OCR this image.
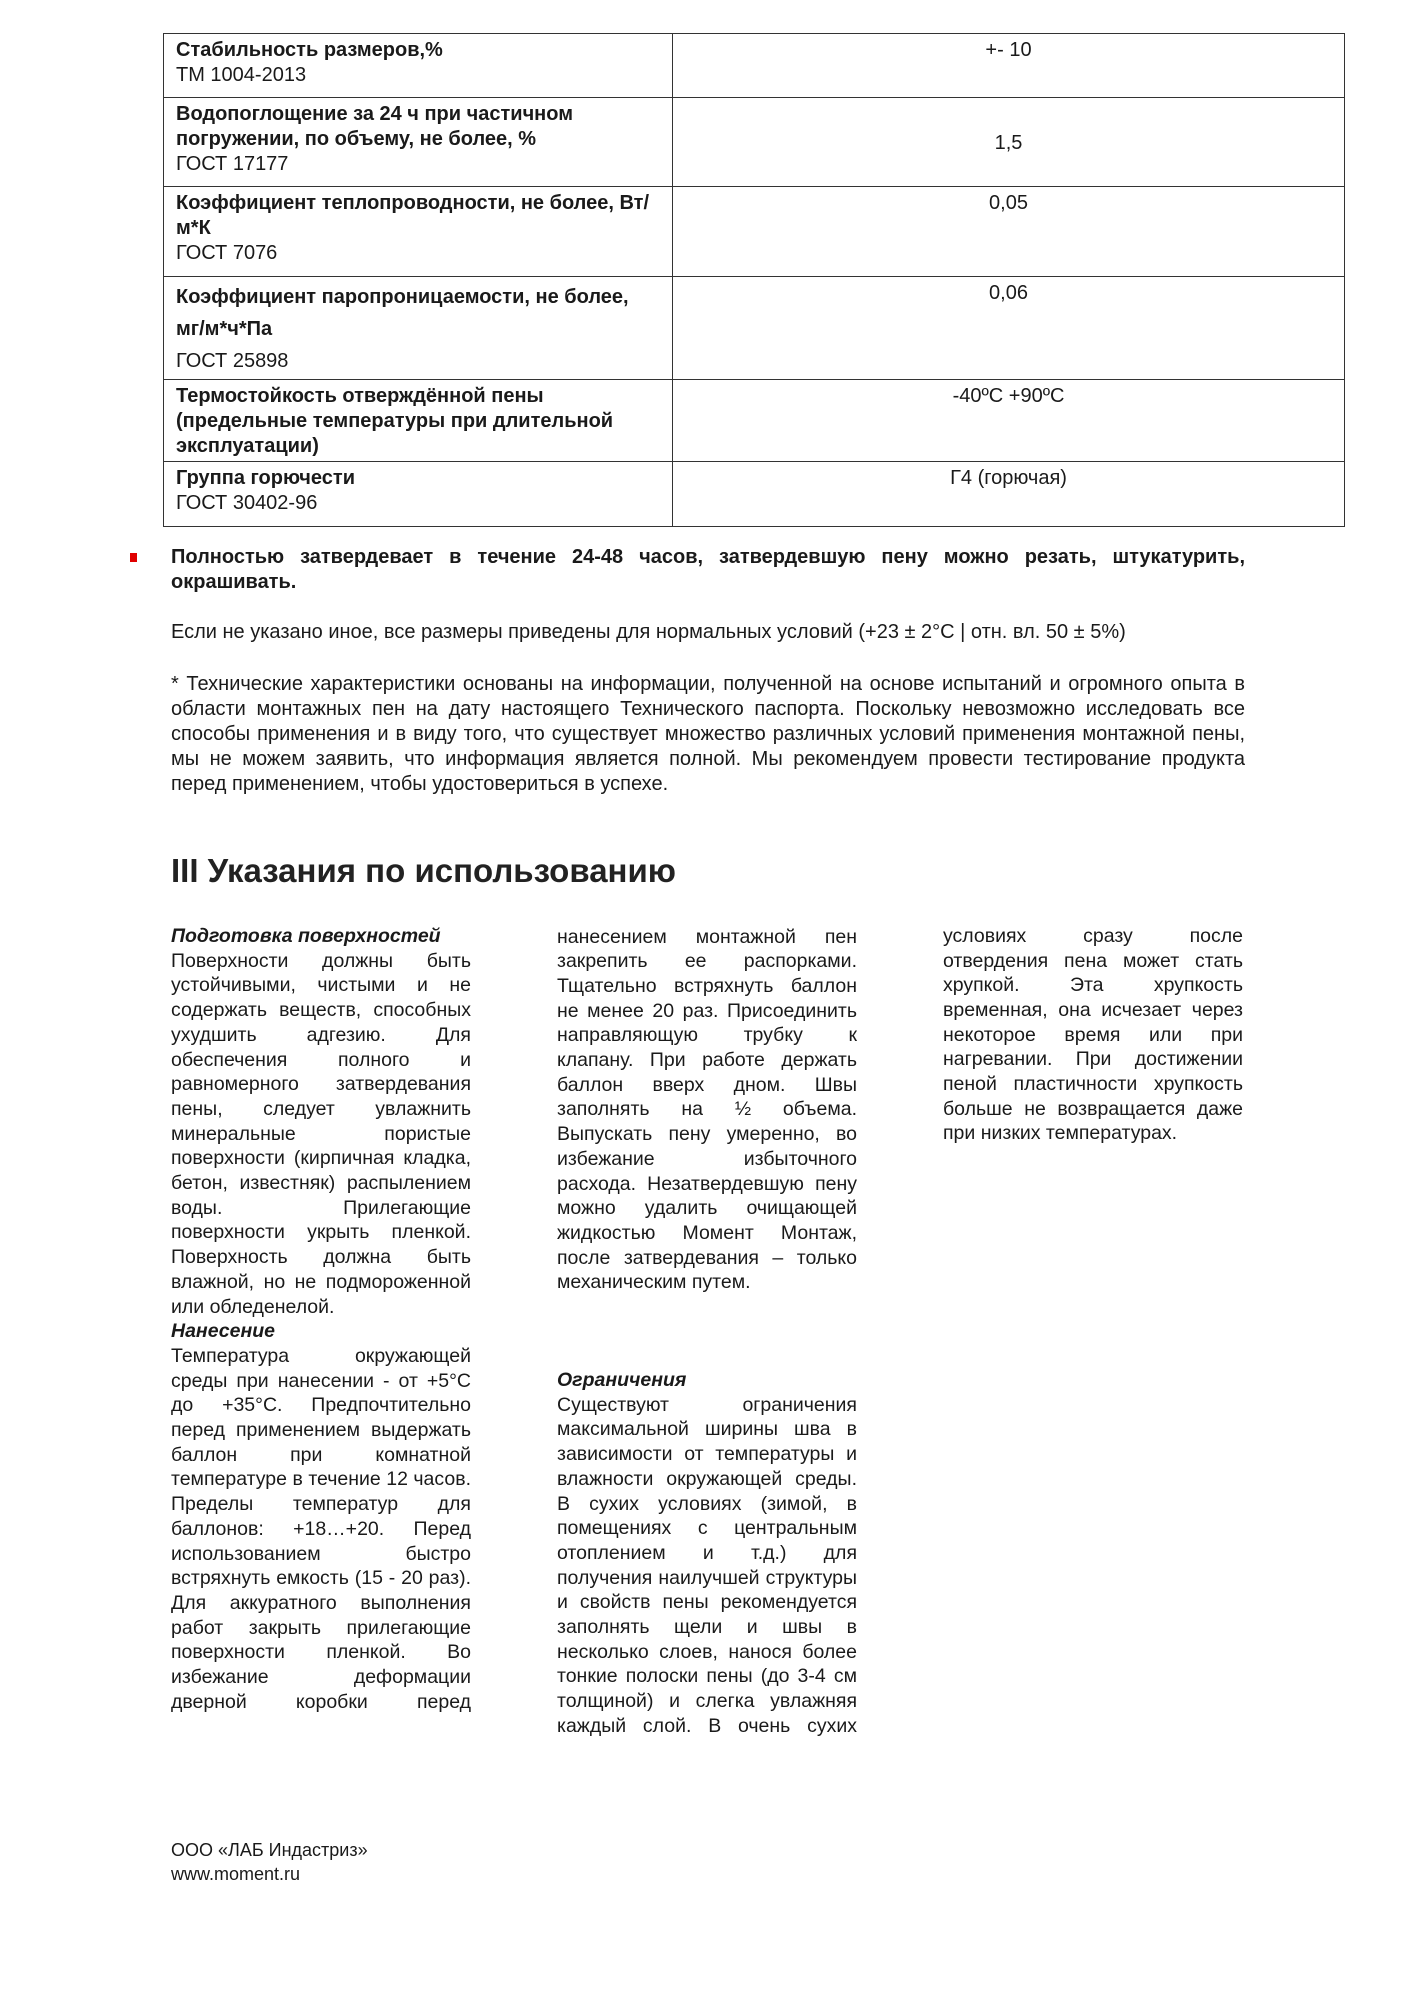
Стабильность размеров,%
ТМ 1004-2013	+- 10

Водопоглощение за 24 ч при частичном погружении, по объему, не более, %
ГОСТ 17177	1,5

Коэффициент теплопроводности, не более, Вт/м*К
ГОСТ 7076	0,05

Коэффициент паропроницаемости, не более, мг/м*ч*Па
ГОСТ 25898	0,06

Термостойкость отверждённой пены (предельные температуры при длительной эксплуатации)	-40ºC +90ºC

Группа горючести
ГОСТ 30402-96	Г4 (горючая)
Полностью затвердевает в течение 24-48 часов, затвердевшую пену можно резать, штукатурить, окрашивать.
Если не указано иное, все размеры приведены для нормальных условий (+23 ± 2°C | отн. вл. 50 ± 5%)
* Технические характеристики основаны на информации, полученной на основе испытаний и огромного опыта в области монтажных пен на дату настоящего Технического паспорта. Поскольку невозможно исследовать все способы применения и в виду того, что существует множество различных условий применения монтажной пены, мы не можем заявить, что информация является полной. Мы рекомендуем провести тестирование продукта перед применением, чтобы удостовериться в успехе.
III Указания по использованию

Подготовка поверхностей

Поверхности должны быть устойчивыми, чистыми и не содержать веществ, способных ухудшить адгезию. Для обеспечения полного и равномерного затвердевания пены, следует увлажнить минеральные пористые поверхности (кирпичная кладка, бетон, известняк) распылением воды. Прилегающие поверхности укрыть пленкой. Поверхность должна быть влажной, но не подмороженной или обледенелой.

Нанесение

Температура окружающей среды при нанесении - от +5°C до +35°C. Предпочтительно перед применением выдержать баллон при комнатной температуре в течение 12 часов. Пределы температур для баллонов: +18…+20. Перед использованием быстро встряхнуть емкость (15 - 20 раз). Для аккуратного выполнения работ закрыть прилегающие поверхности пленкой. Во избежание деформации дверной коробки перед

нанесением монтажной пен закрепить ее распорками. Тщательно встряхнуть баллон не менее 20 раз. Присоединить направляющую трубку к клапану. При работе держать баллон вверх дном. Швы заполнять на ½ объема. Выпускать пену умеренно, во избежание избыточного расхода. Незатвердевшую пену можно удалить очищающей жидкостью Момент Монтаж, после затвердевания – только механическим путем.

Ограничения

Существуют ограничения максимальной ширины шва в зависимости от температуры и влажности окружающей среды. В сухих условиях (зимой, в помещениях с центральным отоплением и т.д.) для получения наилучшей структуры и свойств пены рекомендуется заполнять щели и швы в несколько слоев, нанося более тонкие полоски пены (до 3-4 см толщиной) и слегка увлажняя каждый слой. В очень сухих

условиях сразу после отвердения пена может стать хрупкой. Эта хрупкость временная, она исчезает через некоторое время или при нагревании. При достижении пеной пластичности хрупкость больше не возвращается даже при низких температурах.

ООО «ЛАБ Индастриз»
www.moment.ru
